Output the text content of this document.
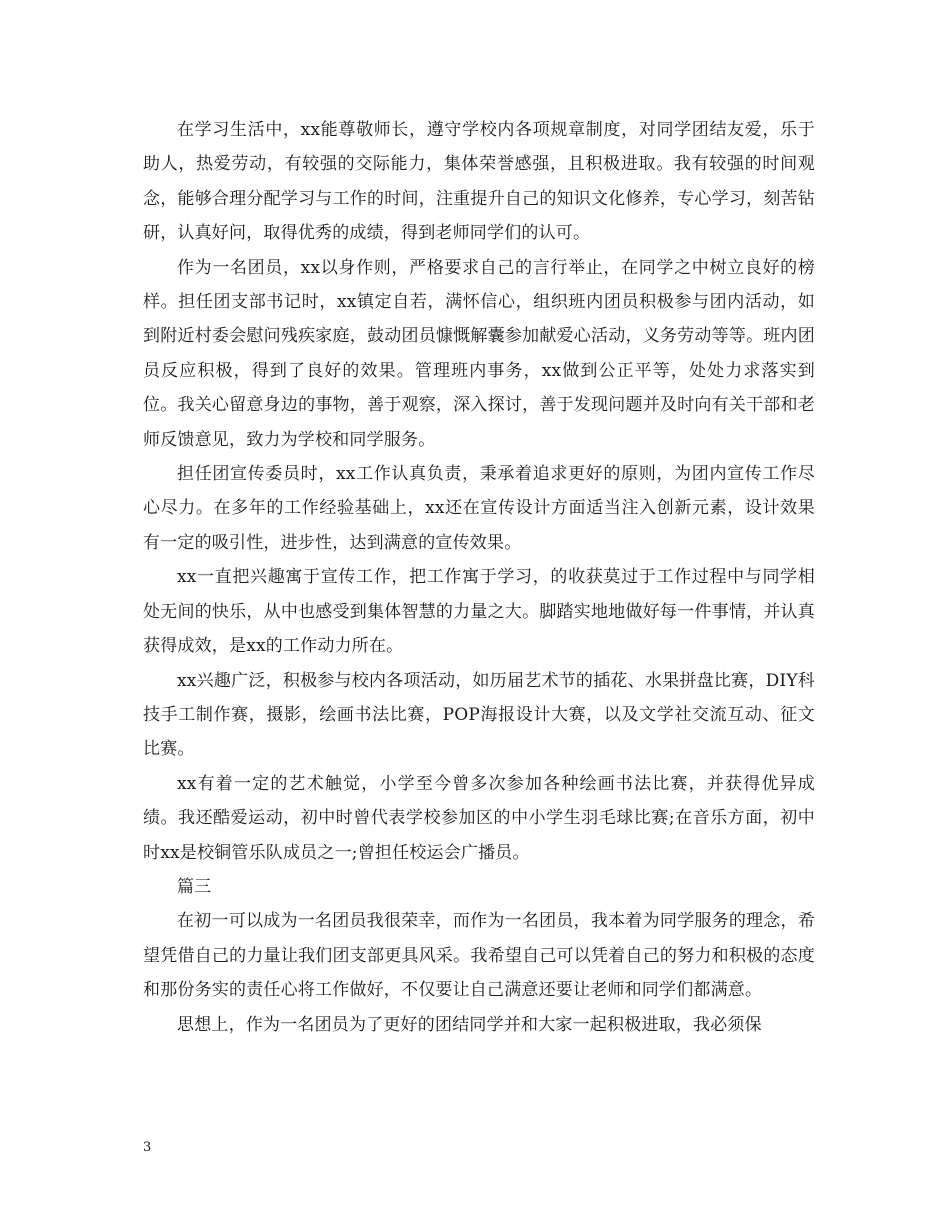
在学习生活中，xx能尊敬师长，遵守学校内各项规章制度，对同学团结友爱，乐于助人，热爱劳动，有较强的交际能力，集体荣誉感强，且积极进取。我有较强的时间观念，能够合理分配学习与工作的时间，注重提升自己的知识文化修养，专心学习，刻苦钻研，认真好问，取得优秀的成绩，得到老师同学们的认可。

作为一名团员，xx以身作则，严格要求自己的言行举止，在同学之中树立良好的榜样。担任团支部书记时，xx镇定自若，满怀信心，组织班内团员积极参与团内活动，如到附近村委会慰问残疾家庭，鼓动团员慷慨解囊参加献爱心活动，义务劳动等等。班内团员反应积极，得到了良好的效果。管理班内事务，xx做到公正平等，处处力求落实到位。我关心留意身边的事物，善于观察，深入探讨，善于发现问题并及时向有关干部和老师反馈意见，致力为学校和同学服务。

担任团宣传委员时，xx工作认真负责，秉承着追求更好的原则，为团内宣传工作尽心尽力。在多年的工作经验基础上，xx还在宣传设计方面适当注入创新元素，设计效果有一定的吸引性，进步性，达到满意的宣传效果。

xx一直把兴趣寓于宣传工作，把工作寓于学习，的收获莫过于工作过程中与同学相处无间的快乐，从中也感受到集体智慧的力量之大。脚踏实地地做好每一件事情，并认真获得成效，是xx的工作动力所在。

xx兴趣广泛，积极参与校内各项活动，如历届艺术节的插花、水果拼盘比赛，DIY科技手工制作赛，摄影，绘画书法比赛，POP海报设计大赛，以及文学社交流互动、征文比赛。

xx有着一定的艺术触觉，小学至今曾多次参加各种绘画书法比赛，并获得优异成绩。我还酷爱运动，初中时曾代表学校参加区的中小学生羽毛球比赛;在音乐方面，初中时xx是校铜管乐队成员之一;曾担任校运会广播员。

篇三

在初一可以成为一名团员我很荣幸，而作为一名团员，我本着为同学服务的理念，希望凭借自己的力量让我们团支部更具风采。我希望自己可以凭着自己的努力和积极的态度和那份务实的责任心将工作做好，不仅要让自己满意还要让老师和同学们都满意。

思想上，作为一名团员为了更好的团结同学并和大家一起积极进取，我必须保

3
